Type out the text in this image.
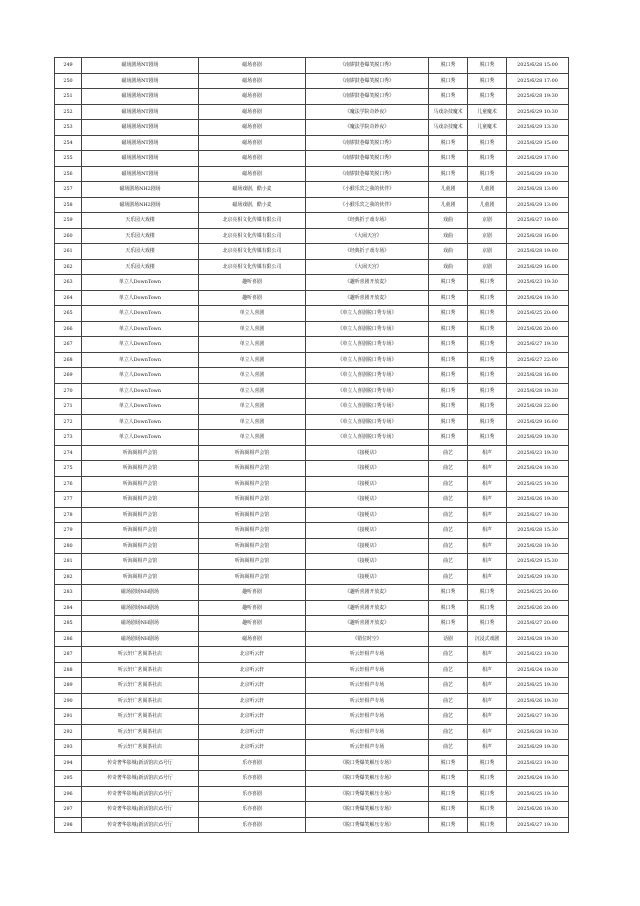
249	磁场剧场NT剧场	磁场喜剧	《南锣鼓巷爆笑脱口秀》	脱口秀	脱口秀	2025/6/28 15:00
250	磁场剧场NT剧场	磁场喜剧	《南锣鼓巷爆笑脱口秀》	脱口秀	脱口秀	2025/6/28 17:00
251	磁场剧场NT剧场	磁场喜剧	《南锣鼓巷爆笑脱口秀》	脱口秀	脱口秀	2025/6/28 19:30
252	磁场剧场NT剧场	磁场喜剧	《魔法学院奇妙夜》	马戏杂技魔术	儿童魔术	2025/6/29 10:30
253	磁场剧场NT剧场	磁场喜剧	《魔法学院奇妙夜》	马戏杂技魔术	儿童魔术	2025/6/29 13:30
254	磁场剧场NT剧场	磁场喜剧	《南锣鼓巷爆笑脱口秀》	脱口秀	脱口秀	2025/6/29 15:00
255	磁场剧场NT剧场	磁场喜剧	《南锣鼓巷爆笑脱口秀》	脱口秀	脱口秀	2025/6/29 17:00
256	磁场剧场NT剧场	磁场喜剧	《南锣鼓巷爆笑脱口秀》	脱口秀	脱口秀	2025/6/29 19:30
257	磁场剧场NH2剧场	磁场戏剧，酷小麦	《小猴乐宾之我的伙伴》	儿童剧	儿童剧	2025/6/28 13:00
258	磁场剧场NH2剧场	磁场戏剧，酷小麦	《小猴乐宾之我的伙伴》	儿童剧	儿童剧	2025/6/29 13:00
259	天乐园大戏楼	北京亮相文化传媒有限公司	《经典折子戏专场》	戏曲	京剧	2025/6/27 19:00
260	天乐园大戏楼	北京亮相文化传媒有限公司	《大闹天宫》	戏曲	京剧	2025/6/28 16:00
261	天乐园大戏楼	北京亮相文化传媒有限公司	《经典折子戏专场》	戏曲	京剧	2025/6/28 19:00
262	天乐园大戏楼	北京亮相文化传媒有限公司	《大闹天宫》	戏曲	京剧	2025/6/29 16:00
263	单立人DownTown	趣听喜剧	《趣听喜剧开放麦》	脱口秀	脱口秀	2025/6/23 19:30
264	单立人DownTown	趣听喜剧	《趣听喜剧开放麦》	脱口秀	脱口秀	2025/6/24 19:30
265	单立人DownTown	单立人喜剧	《单立人喜剧脱口秀专场》	脱口秀	脱口秀	2025/6/25 20:00
266	单立人DownTown	单立人喜剧	《单立人喜剧脱口秀专场》	脱口秀	脱口秀	2025/6/26 20:00
267	单立人DownTown	单立人喜剧	《单立人喜剧脱口秀专场》	脱口秀	脱口秀	2025/6/27 19:30
268	单立人DownTown	单立人喜剧	《单立人喜剧脱口秀专场》	脱口秀	脱口秀	2025/6/27 22:00
269	单立人DownTown	单立人喜剧	《单立人喜剧脱口秀专场》	脱口秀	脱口秀	2025/6/28 16:00
270	单立人DownTown	单立人喜剧	《单立人喜剧脱口秀专场》	脱口秀	脱口秀	2025/6/28 19:30
271	单立人DownTown	单立人喜剧	《单立人喜剧脱口秀专场》	脱口秀	脱口秀	2025/6/28 22:00
272	单立人DownTown	单立人喜剧	《单立人喜剧脱口秀专场》	脱口秀	脱口秀	2025/6/29 16:00
273	单立人DownTown	单立人喜剧	《单立人喜剧脱口秀专场》	脱口秀	脱口秀	2025/6/29 19:30
274	听海阁相声会馆	听海阁相声会馆	《接梗店》	曲艺	相声	2025/6/23 19:30
275	听海阁相声会馆	听海阁相声会馆	《接梗店》	曲艺	相声	2025/6/24 19:30
276	听海阁相声会馆	听海阁相声会馆	《接梗店》	曲艺	相声	2025/6/25 19:30
277	听海阁相声会馆	听海阁相声会馆	《接梗店》	曲艺	相声	2025/6/26 19:30
278	听海阁相声会馆	听海阁相声会馆	《接梗店》	曲艺	相声	2025/6/27 19:30
279	听海阁相声会馆	听海阁相声会馆	《接梗店》	曲艺	相声	2025/6/28 15:30
280	听海阁相声会馆	听海阁相声会馆	《接梗店》	曲艺	相声	2025/6/28 19:30
281	听海阁相声会馆	听海阁相声会馆	《接梗店》	曲艺	相声	2025/6/29 15:30
282	听海阁相声会馆	听海阁相声会馆	《接梗店》	曲艺	相声	2025/6/29 19:30
283	磁场剧场NH剧场	趣听喜剧	《趣听喜剧开放麦》	脱口秀	脱口秀	2025/6/25 20:00
284	磁场剧场NH剧场	趣听喜剧	《趣听喜剧开放麦》	脱口秀	脱口秀	2025/6/26 20:00
285	磁场剧场NH剧场	趣听喜剧	《趣听喜剧开放麦》	脱口秀	脱口秀	2025/6/27 20:00
286	磁场剧场NH剧场	磁场喜剧	《错位时空》	话剧	沉浸式戏剧	2025/6/28 19:30
287	听云轩广茗阁茶社店	北京听云轩	听云轩相声专场	曲艺	相声	2025/6/23 19:30
288	听云轩广茗阁茶社店	北京听云轩	听云轩相声专场	曲艺	相声	2025/6/24 19:30
289	听云轩广茗阁茶社店	北京听云轩	听云轩相声专场	曲艺	相声	2025/6/25 19:30
290	听云轩广茗阁茶社店	北京听云轩	听云轩相声专场	曲艺	相声	2025/6/26 19:30
291	听云轩广茗阁茶社店	北京听云轩	听云轩相声专场	曲艺	相声	2025/6/27 19:30
292	听云轩广茗阁茶社店	北京听云轩	听云轩相声专场	曲艺	相声	2025/6/28 19:30
293	听云轩广茗阁茶社店	北京听云轩	听云轩相声专场	曲艺	相声	2025/6/29 19:30
294	传奇奢华影城(新活馆店)5号厅	乐亦喜剧	《脱口秀爆笑解压专场》	脱口秀	脱口秀	2025/6/23 19:30
295	传奇奢华影城(新活馆店)5号厅	乐亦喜剧	《脱口秀爆笑解压专场》	脱口秀	脱口秀	2025/6/24 19:30
296	传奇奢华影城(新活馆店)5号厅	乐亦喜剧	《脱口秀爆笑解压专场》	脱口秀	脱口秀	2025/6/25 19:30
297	传奇奢华影城(新活馆店)5号厅	乐亦喜剧	《脱口秀爆笑解压专场》	脱口秀	脱口秀	2025/6/26 19:30
298	传奇奢华影城(新活馆店)5号厅	乐亦喜剧	《脱口秀爆笑解压专场》	脱口秀	脱口秀	2025/6/27 19:30
